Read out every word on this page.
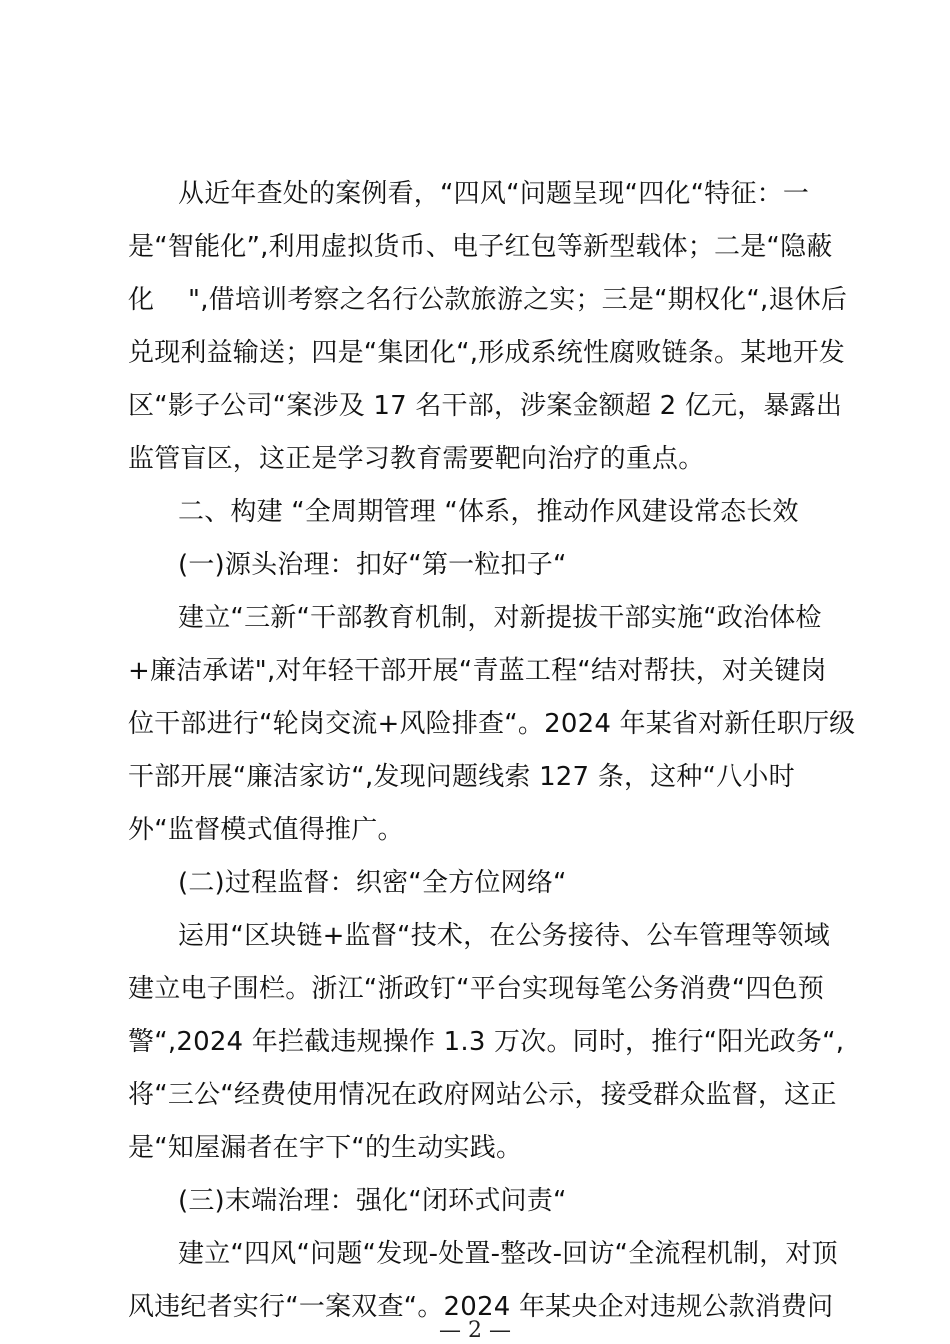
从近年查处的案例看，“四风“问题呈现“四化“特征：一
是“智能化”,利用虚拟货币、电子红包等新型载体；二是“隐蔽
化    ",借培训考察之名行公款旅游之实；三是“期权化“,退休后
兑现利益输送；四是“集团化“,形成系统性腐败链条。某地开发
区“影子公司“案涉及 17 名干部，涉案金额超 2 亿元，暴露出
监管盲区，这正是学习教育需要靶向治疗的重点。
二、构建 “全周期管理 “体系，推动作风建设常态长效
(一)源头治理：扣好“第一粒扣子“
建立“三新“干部教育机制，对新提拔干部实施“政治体检
+廉洁承诺",对年轻干部开展“青蓝工程“结对帮扶，对关键岗
位干部进行“轮岗交流+风险排查“。2024 年某省对新任职厅级
干部开展“廉洁家访“,发现问题线索 127 条，这种“八小时
外“监督模式值得推广。
(二)过程监督：织密“全方位网络“
运用“区块链+监督“技术，在公务接待、公车管理等领域
建立电子围栏。浙江“浙政钉“平台实现每笔公务消费“四色预
警“,2024 年拦截违规操作 1.3 万次。同时，推行“阳光政务“,
将“三公“经费使用情况在政府网站公示，接受群众监督，这正
是“知屋漏者在宇下“的生动实践。
(三)末端治理：强化“闭环式问责“
建立“四风“问题“发现-处置-整改-回访“全流程机制，对顶
风违纪者实行“一案双查“。2024 年某央企对违规公款消费问
— 2 —
